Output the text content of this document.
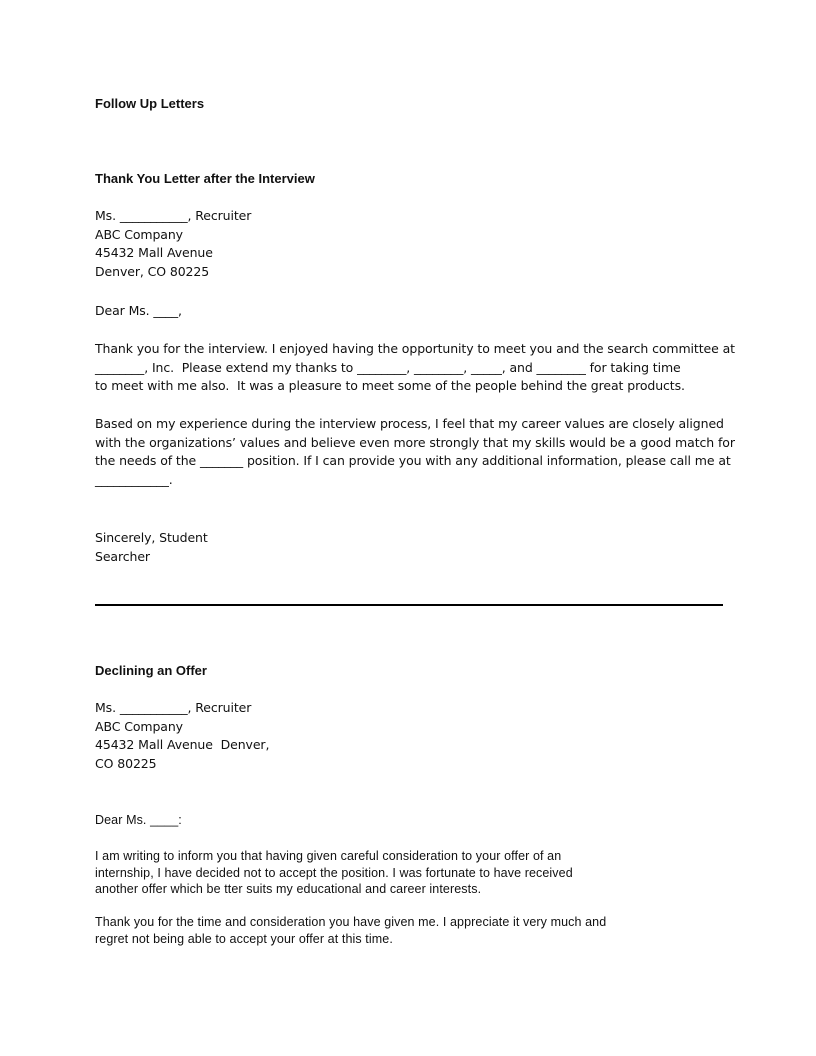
Follow Up Letters
Thank You Letter after the Interview
Ms. ___________, Recruiter
ABC Company
45432 Mall Avenue
Denver, CO 80225
Dear Ms. ____,
Thank you for the interview. I enjoyed having the opportunity to meet you and the search committee at
________, Inc.  Please extend my thanks to ________, ________, _____, and ________ for taking time
to meet with me also.  It was a pleasure to meet some of the people behind the great products.
Based on my experience during the interview process, I feel that my career values are closely aligned
with the organizations’ values and believe even more strongly that my skills would be a good match for
the needs of the _______ position. If I can provide you with any additional information, please call me at
____________.
Sincerely, Student
Searcher
Declining an Offer
Ms. ___________, Recruiter
ABC Company
45432 Mall Avenue  Denver,
CO 80225
Dear Ms. ____:
I am writing to inform you that having given careful consideration to your offer of an
internship, I have decided not to accept the position. I was fortunate to have received
another offer which be tter suits my educational and career interests.
Thank you for the time and consideration you have given me. I appreciate it very much and
regret not being able to accept your offer at this time.
